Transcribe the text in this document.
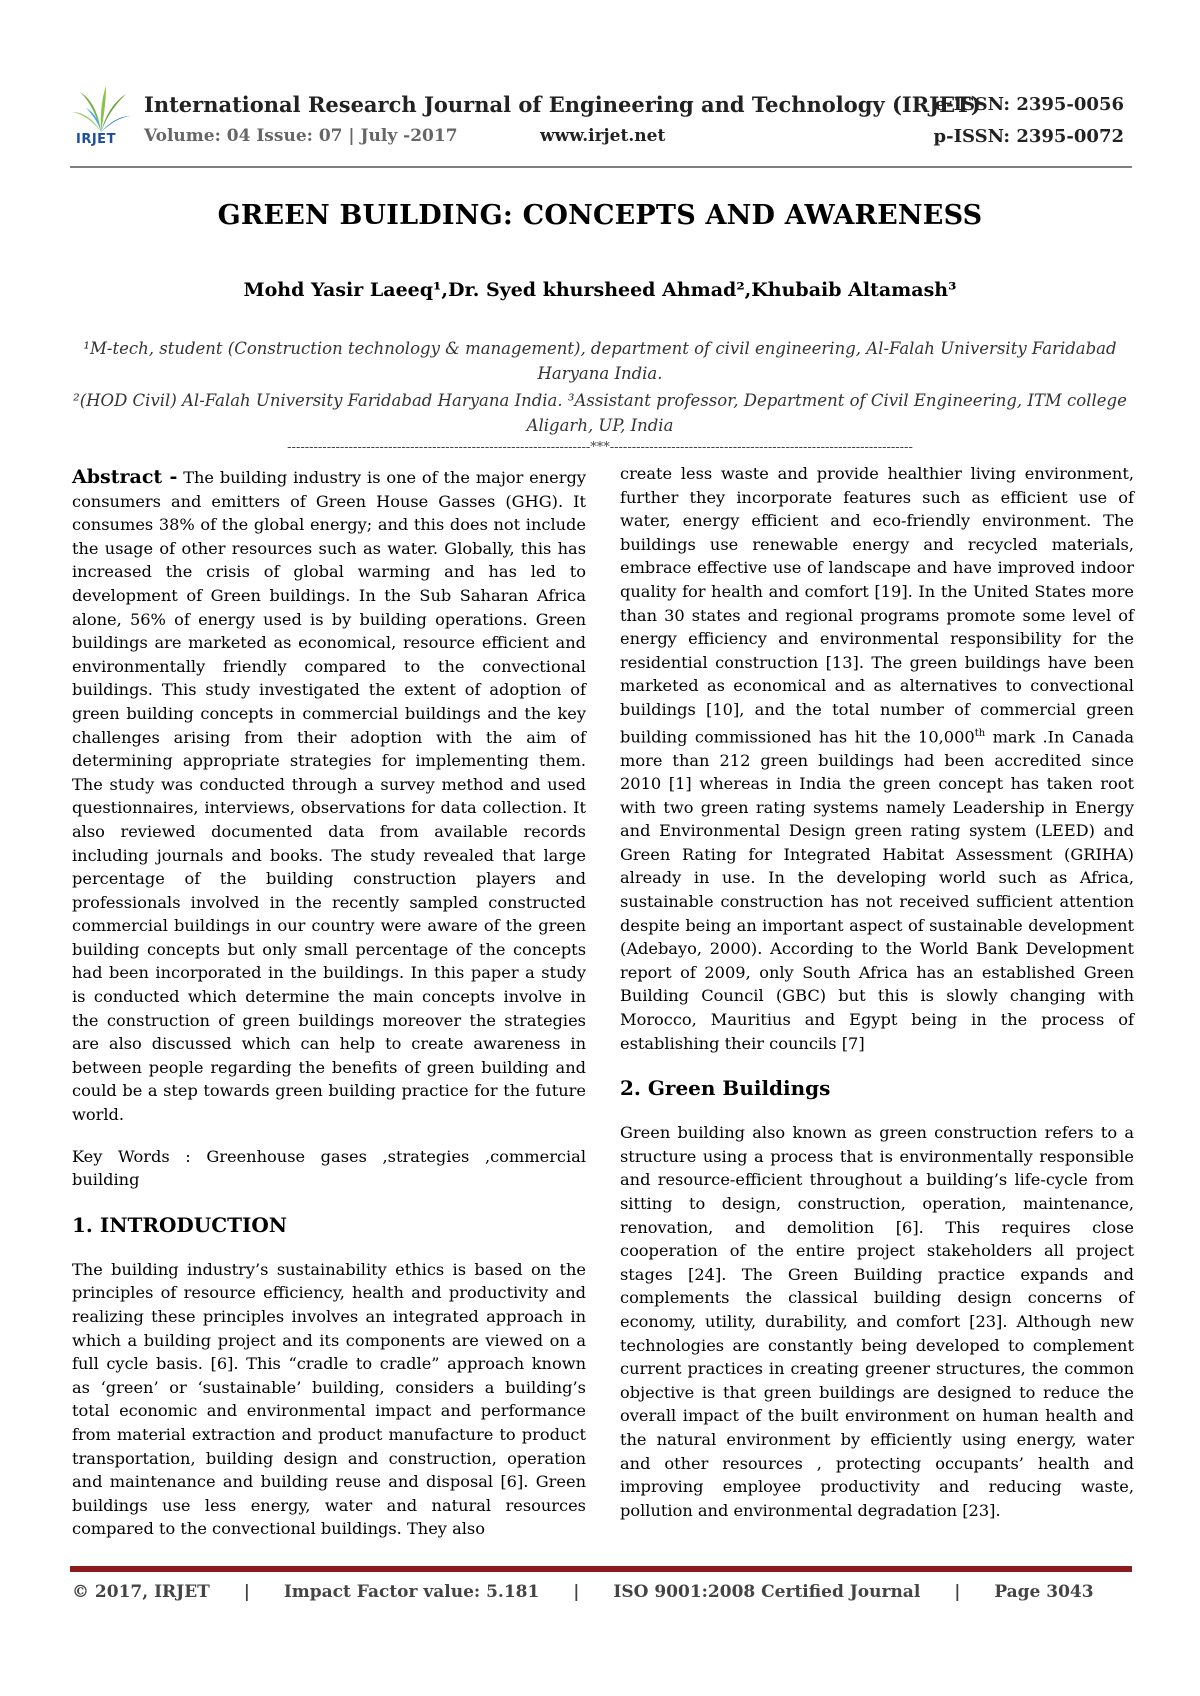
IRJET
International Research Journal of Engineering and Technology (IRJET)
Volume: 04 Issue: 07 | July -2017	www.irjet.net
e-ISSN: 2395-0056
p-ISSN: 2395-0072
GREEN BUILDING: CONCEPTS AND AWARENESS
Mohd Yasir Laeeq¹,Dr. Syed khursheed Ahmad²,Khubaib Altamash³
¹M-tech, student (Construction technology & management), department of civil engineering, Al-Falah University Faridabad Haryana India.
²(HOD Civil) Al-Falah University Faridabad Haryana India. ³Assistant professor, Department of Civil Engineering, ITM college Aligarh, UP, India
---------------------------------------------------------------------***---------------------------------------------------------------------

Abstract - The building industry is one of the major energy consumers and emitters of Green House Gasses (GHG). It consumes 38% of the global energy; and this does not include the usage of other resources such as water. Globally, this has increased the crisis of global warming and has led to development of Green buildings. In the Sub Saharan Africa alone, 56% of energy used is by building operations. Green buildings are marketed as economical, resource efficient and environmentally friendly compared to the convectional buildings. This study investigated the extent of adoption of green building concepts in commercial buildings and the key challenges arising from their adoption with the aim of determining appropriate strategies for implementing them. The study was conducted through a survey method and used questionnaires, interviews, observations for data collection. It also reviewed documented data from available records including journals and books. The study revealed that large percentage of the building construction players and professionals involved in the recently sampled constructed commercial buildings in our country were aware of the green building concepts but only small percentage of the concepts had been incorporated in the buildings. In this paper a study is conducted which determine the main concepts involve in the construction of green buildings moreover the strategies are also discussed which can help to create awareness in between people regarding the benefits of green building and could be a step towards green building practice for the future world.

Key Words : Greenhouse gases ,strategies ,commercial building

1. INTRODUCTION

The building industry’s sustainability ethics is based on the principles of resource efficiency, health and productivity and realizing these principles involves an integrated approach in which a building project and its components are viewed on a full cycle basis. [6]. This “cradle to cradle” approach known as ‘green’ or ‘sustainable’ building, considers a building’s total economic and environmental impact and performance from material extraction and product manufacture to product transportation, building design and construction, operation and maintenance and building reuse and disposal [6]. Green buildings use less energy, water and natural resources compared to the convectional buildings. They also

create less waste and provide healthier living environment, further they incorporate features such as efficient use of water, energy efficient and eco-friendly environment. The buildings use renewable energy and recycled materials, embrace effective use of landscape and have improved indoor quality for health and comfort [19]. In the United States more than 30 states and regional programs promote some level of energy efficiency and environmental responsibility for the residential construction [13]. The green buildings have been marketed as economical and as alternatives to convectional buildings [10], and the total number of commercial green building commissioned has hit the 10,000th mark .In Canada more than 212 green buildings had been accredited since 2010 [1] whereas in India the green concept has taken root with two green rating systems namely Leadership in Energy and Environmental Design green rating system (LEED) and Green Rating for Integrated Habitat Assessment (GRIHA) already in use. In the developing world such as Africa, sustainable construction has not received sufficient attention despite being an important aspect of sustainable development (Adebayo, 2000). According to the World Bank Development report of 2009, only South Africa has an established Green Building Council (GBC) but this is slowly changing with Morocco, Mauritius and Egypt being in the process of establishing their councils [7]

2. Green Buildings

Green building also known as green construction refers to a structure using a process that is environmentally responsible and resource-efficient throughout a building’s life-cycle from sitting to design, construction, operation, maintenance, renovation, and demolition [6]. This requires close cooperation of the entire project stakeholders all project stages [24]. The Green Building practice expands and complements the classical building design concerns of economy, utility, durability, and comfort [23]. Although new technologies are constantly being developed to complement current practices in creating greener structures, the common objective is that green buildings are designed to reduce the overall impact of the built environment on human health and the natural environment by efficiently using energy, water and other resources , protecting occupants’ health and improving employee productivity and reducing waste, pollution and environmental degradation [23].

© 2017, IRJET | Impact Factor value: 5.181 | ISO 9001:2008 Certified Journal | Page 3043
